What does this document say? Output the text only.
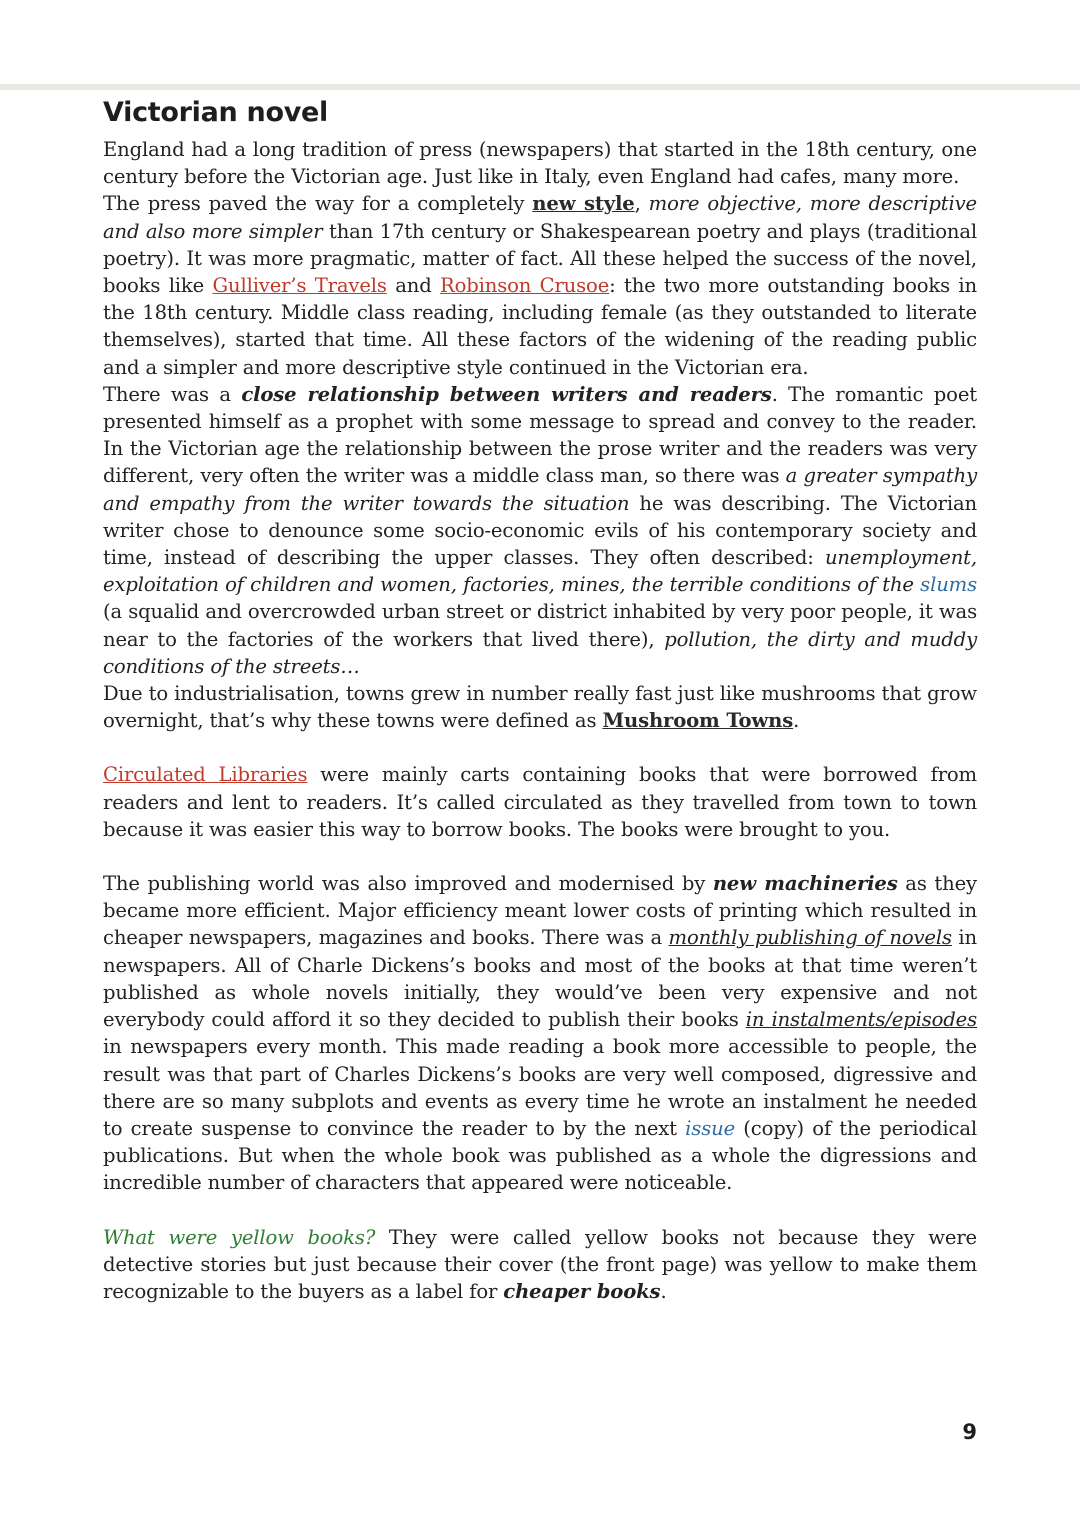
Victorian novel

England had a long tradition of press (newspapers) that started in the 18th century, one century before the Victorian age. Just like in Italy, even England had cafes, many more.
The press paved the way for a completely new style, more objective, more descriptive and also more simpler than 17th century or Shakespearean poetry and plays (traditional poetry). It was more pragmatic, matter of fact. All these helped the success of the novel, books like Gulliver’s Travels and Robinson Crusoe: the two more outstanding books in the 18th century. Middle class reading, including female (as they outstanded to literate themselves), started that time. All these factors of the widening of the reading public and a simpler and more descriptive style continued in the Victorian era.
There was a close relationship between writers and readers. The romantic poet presented himself as a prophet with some message to spread and convey to the reader. In the Victorian age the relationship between the prose writer and the readers was very different, very often the writer was a middle class man, so there was a greater sympathy and empathy from the writer towards the situation he was describing. The Victorian writer chose to denounce some socio-economic evils of his contemporary society and time, instead of describing the upper classes. They often described: unemployment, exploitation of children and women, factories, mines, the terrible conditions of the slums (a squalid and overcrowded urban street or district inhabited by very poor people, it was near to the factories of the workers that lived there), pollution, the dirty and muddy conditions of the streets…
Due to industrialisation, towns grew in number really fast just like mushrooms that grow overnight, that’s why these towns were defined as Mushroom Towns.

Circulated Libraries were mainly carts containing books that were borrowed from readers and lent to readers. It’s called circulated as they travelled from town to town because it was easier this way to borrow books. The books were brought to you.

The publishing world was also improved and modernised by new machineries as they became more efficient. Major efficiency meant lower costs of printing which resulted in cheaper newspapers, magazines and books. There was a monthly publishing of novels in newspapers. All of Charle Dickens’s books and most of the books at that time weren’t published as whole novels initially, they would’ve been very expensive and not everybody could afford it so they decided to publish their books in instalments/episodes in newspapers every month. This made reading a book more accessible to people, the result was that part of Charles Dickens’s books are very well composed, digressive and there are so many subplots and events as every time he wrote an instalment he needed to create suspense to convince the reader to by the next issue (copy) of the periodical publications. But when the whole book was published as a whole the digressions and incredible number of characters that appeared were noticeable.

What were yellow books? They were called yellow books not because they were detective stories but just because their cover (the front page) was yellow to make them recognizable to the buyers as a label for cheaper books.

9
